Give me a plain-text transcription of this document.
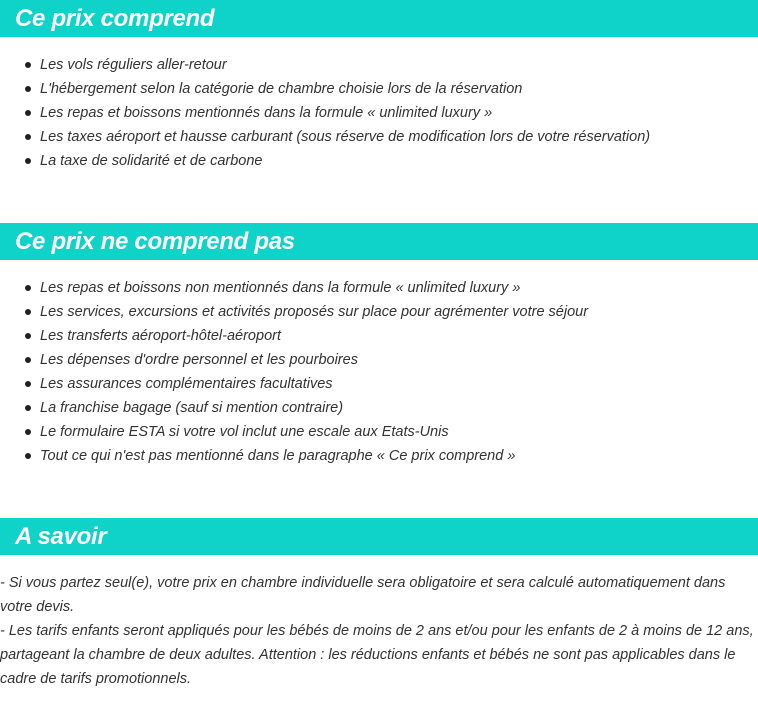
Ce prix comprend
Les vols réguliers aller-retour
L'hébergement selon la catégorie de chambre choisie lors de la réservation
Les repas et boissons mentionnés dans la formule « unlimited luxury »
Les taxes aéroport et hausse carburant (sous réserve de modification lors de votre réservation)
La taxe de solidarité et de carbone
Ce prix ne comprend pas
Les repas et boissons non mentionnés dans la formule « unlimited luxury »
Les services, excursions et activités proposés sur place pour agrémenter votre séjour
Les transferts aéroport-hôtel-aéroport
Les dépenses d'ordre personnel et les pourboires
Les assurances complémentaires facultatives
La franchise bagage (sauf si mention contraire)
Le formulaire ESTA si votre vol inclut une escale aux Etats-Unis
Tout ce qui n'est pas mentionné dans le paragraphe « Ce prix comprend »
A savoir

- Si vous partez seul(e), votre prix en chambre individuelle sera obligatoire et sera calculé automatiquement dans votre devis.

- Les tarifs enfants seront appliqués pour les bébés de moins de 2 ans et/ou pour les enfants de 2 à moins de 12 ans, partageant la chambre de deux adultes. Attention : les réductions enfants et bébés ne sont pas applicables dans le cadre de tarifs promotionnels.
